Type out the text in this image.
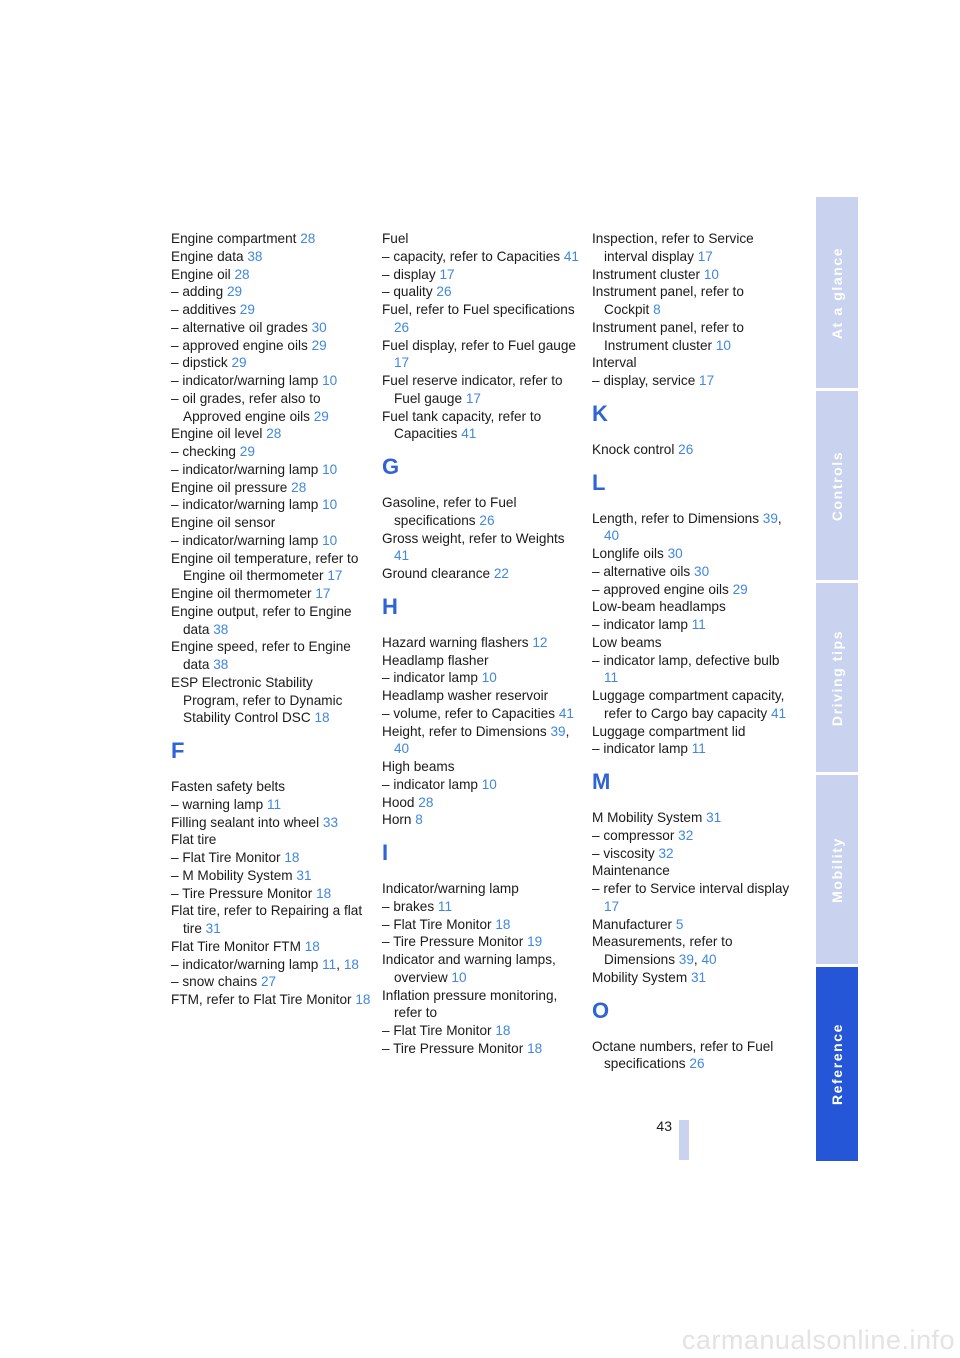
Engine compartment 28

Engine data 38

Engine oil 28

– adding 29

– additives 29

– alternative oil grades 30

– approved engine oils 29

– dipstick 29

– indicator/warning lamp 10

– oil grades, refer also to Approved engine oils 29

Engine oil level 28

– checking 29

– indicator/warning lamp 10

Engine oil pressure 28

– indicator/warning lamp 10

Engine oil sensor

– indicator/warning lamp 10

Engine oil temperature, refer to Engine oil thermometer 17

Engine oil thermometer 17

Engine output, refer to Engine data 38

Engine speed, refer to Engine data 38

ESP Electronic Stability Program, refer to Dynamic Stability Control DSC 18

F

Fasten safety belts

– warning lamp 11

Filling sealant into wheel 33

Flat tire

– Flat Tire Monitor 18

– M Mobility System 31

– Tire Pressure Monitor 18

Flat tire, refer to Repairing a flat tire 31

Flat Tire Monitor FTM 18

– indicator/warning lamp 11, 18

– snow chains 27

FTM, refer to Flat Tire Monitor 18

Fuel

– capacity, refer to Capacities 41

– display 17

– quality 26

Fuel, refer to Fuel specifications 26

Fuel display, refer to Fuel gauge 17

Fuel reserve indicator, refer to Fuel gauge 17

Fuel tank capacity, refer to Capacities 41

G

Gasoline, refer to Fuel specifications 26

Gross weight, refer to Weights 41

Ground clearance 22

H

Hazard warning flashers 12

Headlamp flasher

– indicator lamp 10

Headlamp washer reservoir

– volume, refer to Capacities 41

Height, refer to Dimensions 39, 40

High beams

– indicator lamp 10

Hood 28

Horn 8

I

Indicator/warning lamp

– brakes 11

– Flat Tire Monitor 18

– Tire Pressure Monitor 19

Indicator and warning lamps, overview 10

Inflation pressure monitoring, refer to

– Flat Tire Monitor 18

– Tire Pressure Monitor 18

Inspection, refer to Service interval display 17

Instrument cluster 10

Instrument panel, refer to Cockpit 8

Instrument panel, refer to Instrument cluster 10

Interval

– display, service 17

K

Knock control 26

L

Length, refer to Dimensions 39, 40

Longlife oils 30

– alternative oils 30

– approved engine oils 29

Low-beam headlamps

– indicator lamp 11

Low beams

– indicator lamp, defective bulb 11

Luggage compartment capacity, refer to Cargo bay capacity 41

Luggage compartment lid

– indicator lamp 11

M

M Mobility System 31

– compressor 32

– viscosity 32

Maintenance

– refer to Service interval display 17

Manufacturer 5

Measurements, refer to Dimensions 39, 40

Mobility System 31

O

Octane numbers, refer to Fuel specifications 26

At a glance
Controls
Driving tips
Mobility
Reference
43
carmanualsonline.info
